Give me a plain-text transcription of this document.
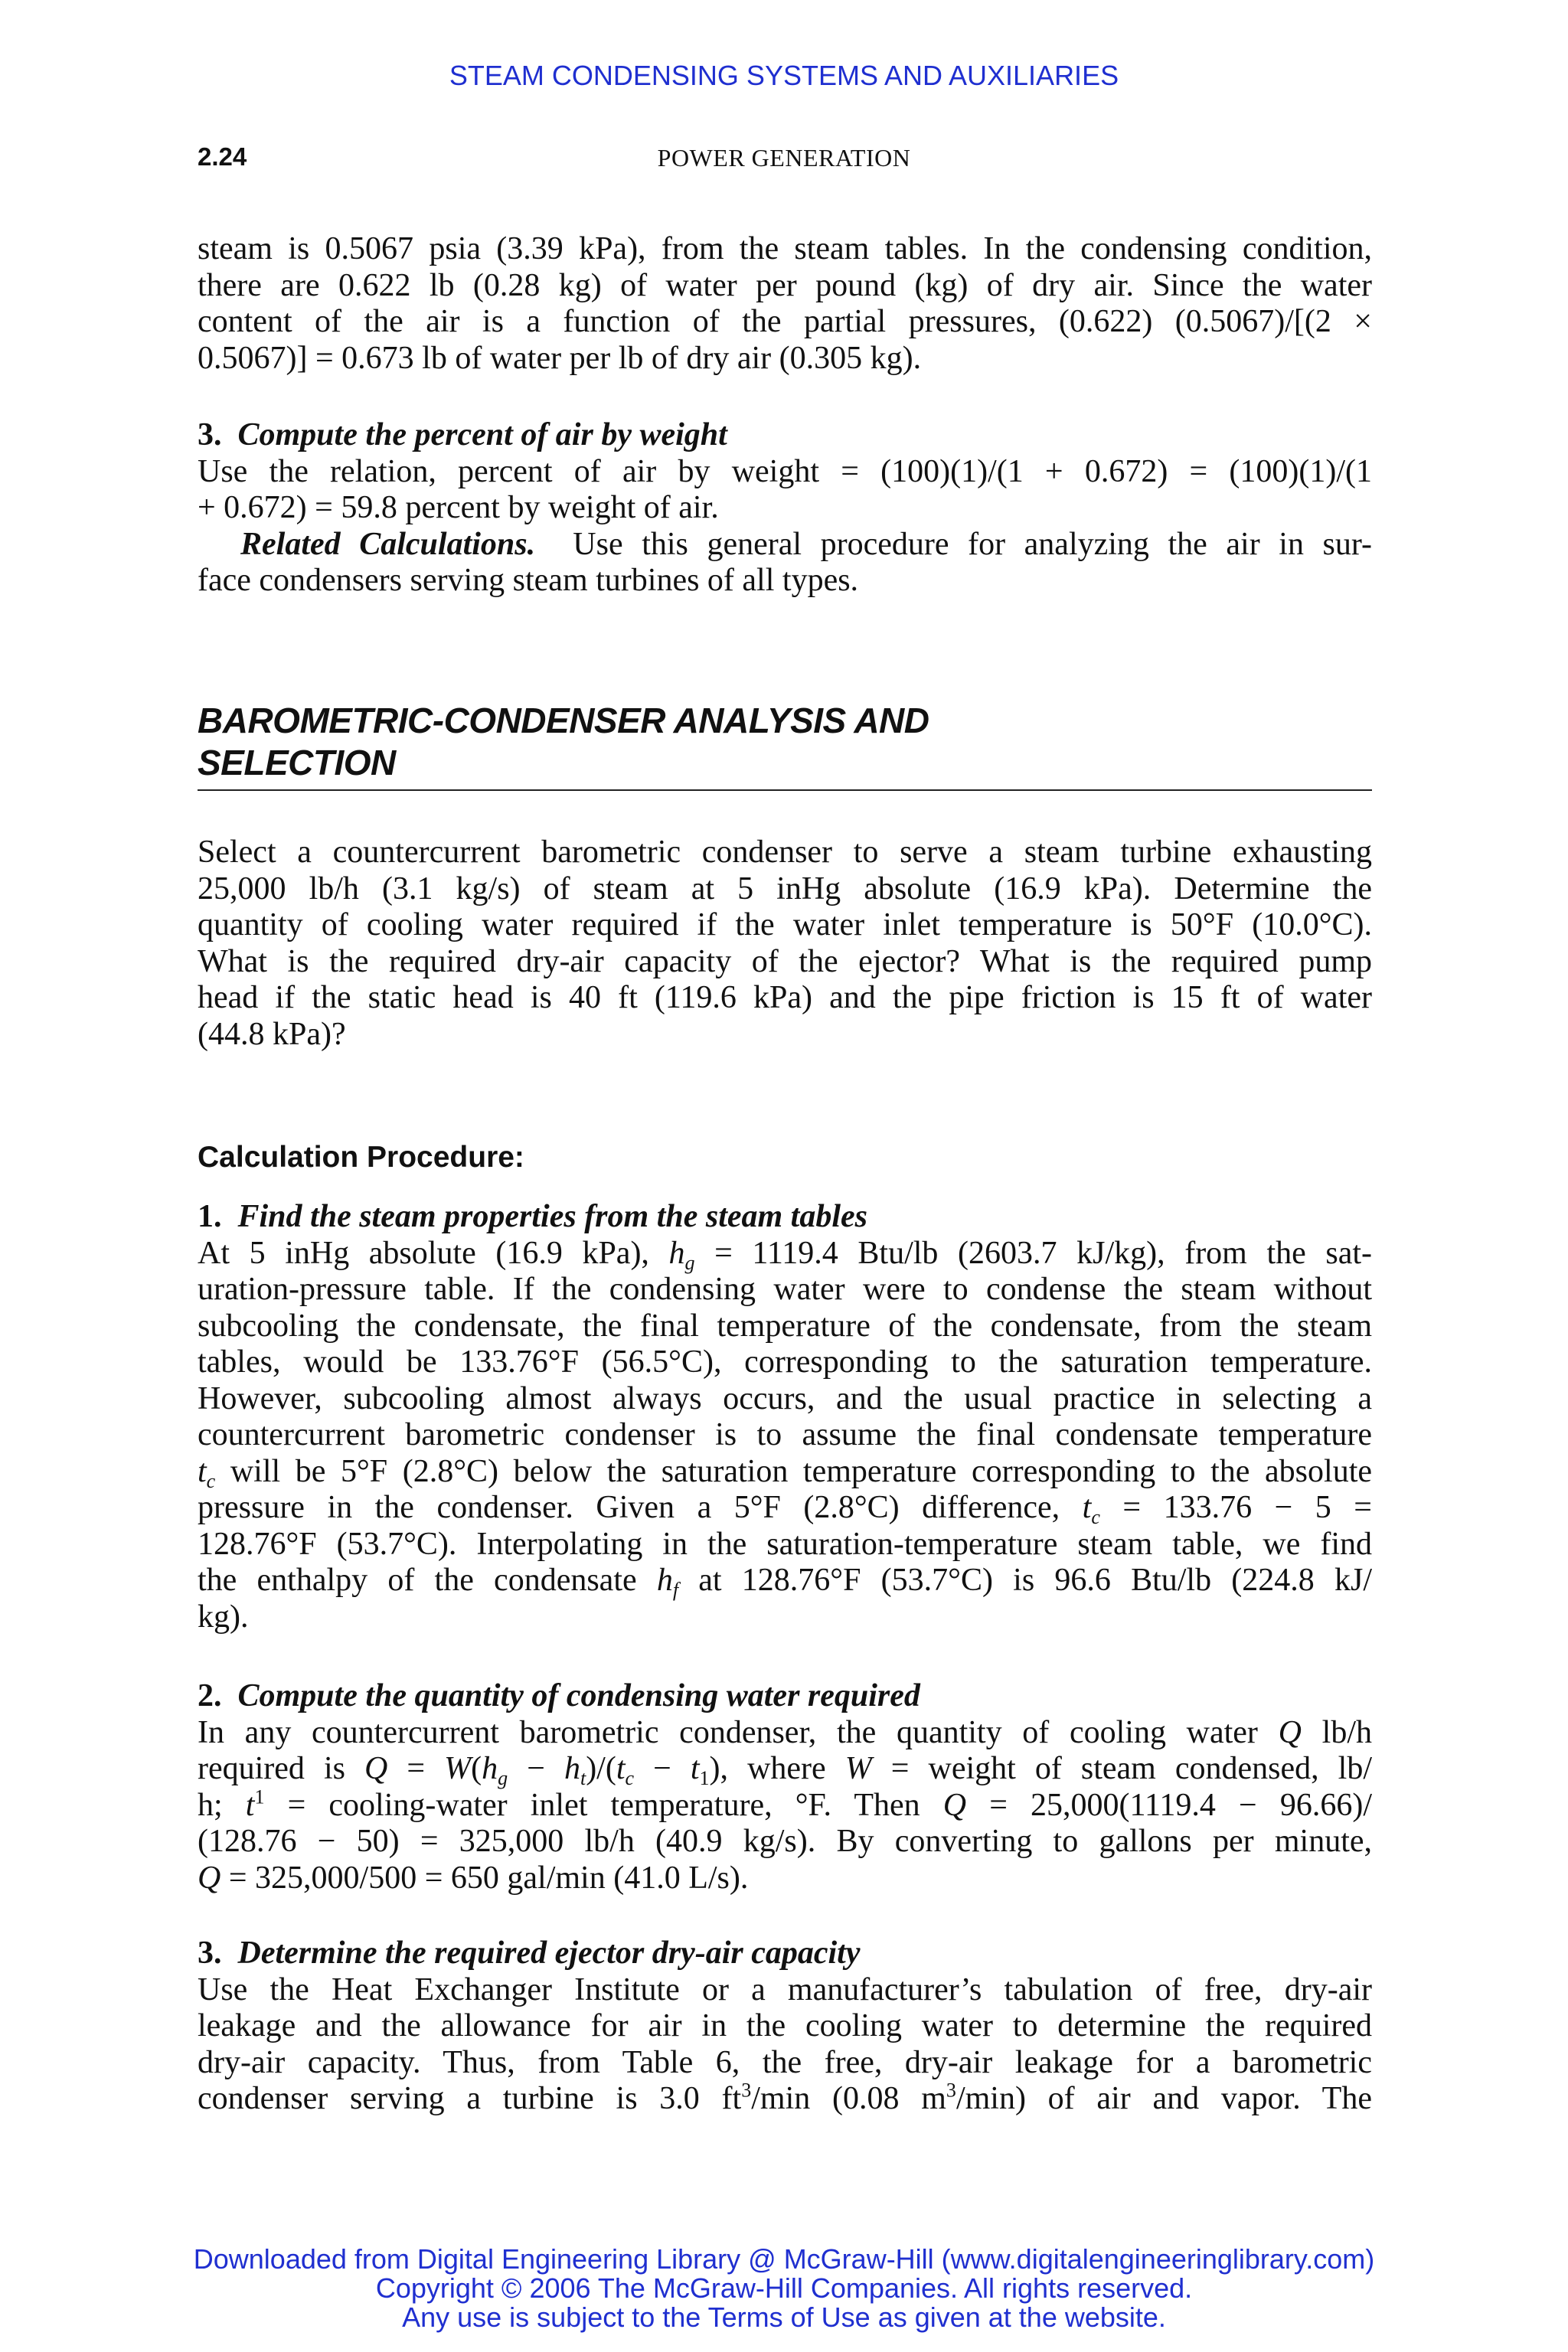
STEAM CONDENSING SYSTEMS AND AUXILIARIES
2.24	POWER GENERATION
steam is 0.5067 psia (3.39 kPa), from the steam tables. In the condensing condition,
there are 0.622 lb (0.28 kg) of water per pound (kg) of dry air. Since the water
content of the air is a function of the partial pressures, (0.622) (0.5067)/[(2 ×
0.5067)] = 0.673 lb of water per lb of dry air (0.305 kg).
3. Compute the percent of air by weight
Use the relation, percent of air by weight = (100)(1)/(1 + 0.672) = (100)(1)/(1
+ 0.672) = 59.8 percent by weight of air.
Related Calculations. Use this general procedure for analyzing the air in sur-
face condensers serving steam turbines of all types.
BAROMETRIC-CONDENSER ANALYSIS AND
SELECTION
Select a countercurrent barometric condenser to serve a steam turbine exhausting
25,000 lb/h (3.1 kg/s) of steam at 5 inHg absolute (16.9 kPa). Determine the
quantity of cooling water required if the water inlet temperature is 50°F (10.0°C).
What is the required dry-air capacity of the ejector? What is the required pump
head if the static head is 40 ft (119.6 kPa) and the pipe friction is 15 ft of water
(44.8 kPa)?
Calculation Procedure:
1. Find the steam properties from the steam tables
At 5 inHg absolute (16.9 kPa), $h_g = 1119.4$ Btu/lb (2603.7 kJ/kg), from the sat-
uration-pressure table. If the condensing water were to condense the steam without
subcooling the condensate, the final temperature of the condensate, from the steam
tables, would be 133.76°F (56.5°C), corresponding to the saturation temperature.
However, subcooling almost always occurs, and the usual practice in selecting a
countercurrent barometric condenser is to assume the final condensate temperature
$t_c$ will be 5°F (2.8°C) below the saturation temperature corresponding to the absolute
pressure in the condenser. Given a 5°F (2.8°C) difference, $t_c = 133.76 - 5$ =
128.76°F (53.7°C). Interpolating in the saturation-temperature steam table, we find
the enthalpy of the condensate $h_f$ at 128.76°F (53.7°C) is 96.6 Btu/lb (224.8 kJ/
kg).
2. Compute the quantity of condensing water required
In any countercurrent barometric condenser, the quantity of cooling water Q lb/h
required is $Q = W(h_g - h_t)/(t_c - t_1)$, where W = weight of steam condensed, lb/
h; $t^1$ = cooling-water inlet temperature, °F. Then Q = 25,000(1119.4 − 96.66)/
(128.76 − 50) = 325,000 lb/h (40.9 kg/s). By converting to gallons per minute,
Q = 325,000/500 = 650 gal/min (41.0 L/s).
3. Determine the required ejector dry-air capacity
Use the Heat Exchanger Institute or a manufacturer’s tabulation of free, dry-air
leakage and the allowance for air in the cooling water to determine the required
dry-air capacity. Thus, from Table 6, the free, dry-air leakage for a barometric
condenser serving a turbine is 3.0 $ft^3/\min$ (0.08 $m^3/\min$) of air and vapor. The
Downloaded from Digital Engineering Library @ McGraw-Hill (www.digitalengineeringlibrary.com)
Copyright © 2006 The McGraw-Hill Companies. All rights reserved.
Any use is subject to the Terms of Use as given at the website.
